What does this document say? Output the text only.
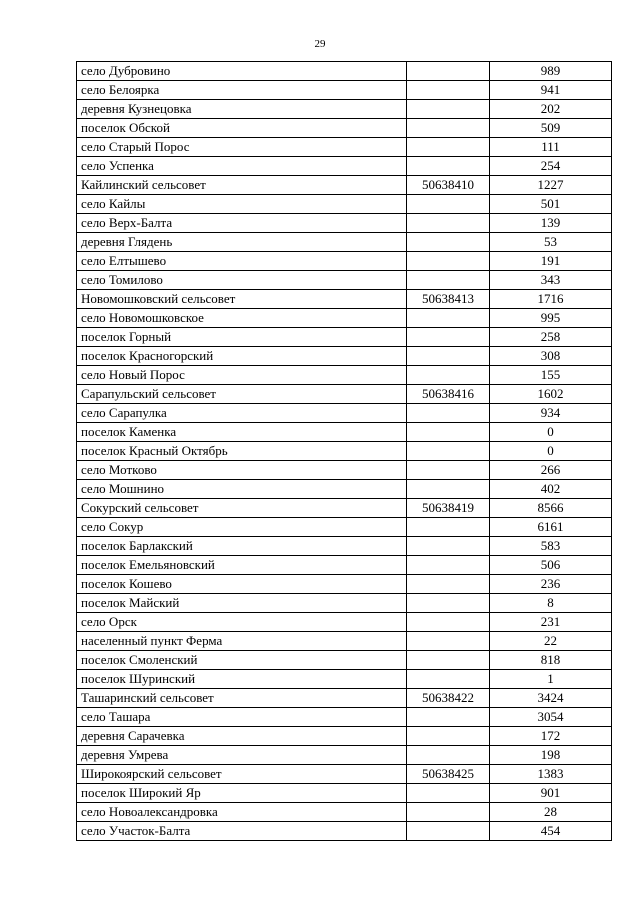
29
село Дубровино		989
село Белоярка		941
деревня Кузнецовка		202
поселок Обской		509
село Старый Порос		111
село Успенка		254
Кайлинский сельсовет	50638410	1227
село Кайлы		501
село Верх-Балта		139
деревня Глядень		53
село Елтышево		191
село Томилово		343
Новомошковский сельсовет	50638413	1716
село Новомошковское		995
поселок Горный		258
поселок Красногорский		308
село Новый Порос		155
Сарапульский сельсовет	50638416	1602
село Сарапулка		934
поселок Каменка		0
поселок Красный Октябрь		0
село Мотково		266
село Мошнино		402
Сокурский сельсовет	50638419	8566
село Сокур		6161
поселок Барлакский		583
поселок Емельяновский		506
поселок Кошево		236
поселок Майский		8
село Орск		231
населенный пункт Ферма		22
поселок Смоленский		818
поселок Шуринский		1
Ташаринский сельсовет	50638422	3424
село Ташара		3054
деревня Сарачевка		172
деревня Умрева		198
Широкоярский сельсовет	50638425	1383
поселок Широкий Яр		901
село Новоалександровка		28
село Участок-Балта		454
